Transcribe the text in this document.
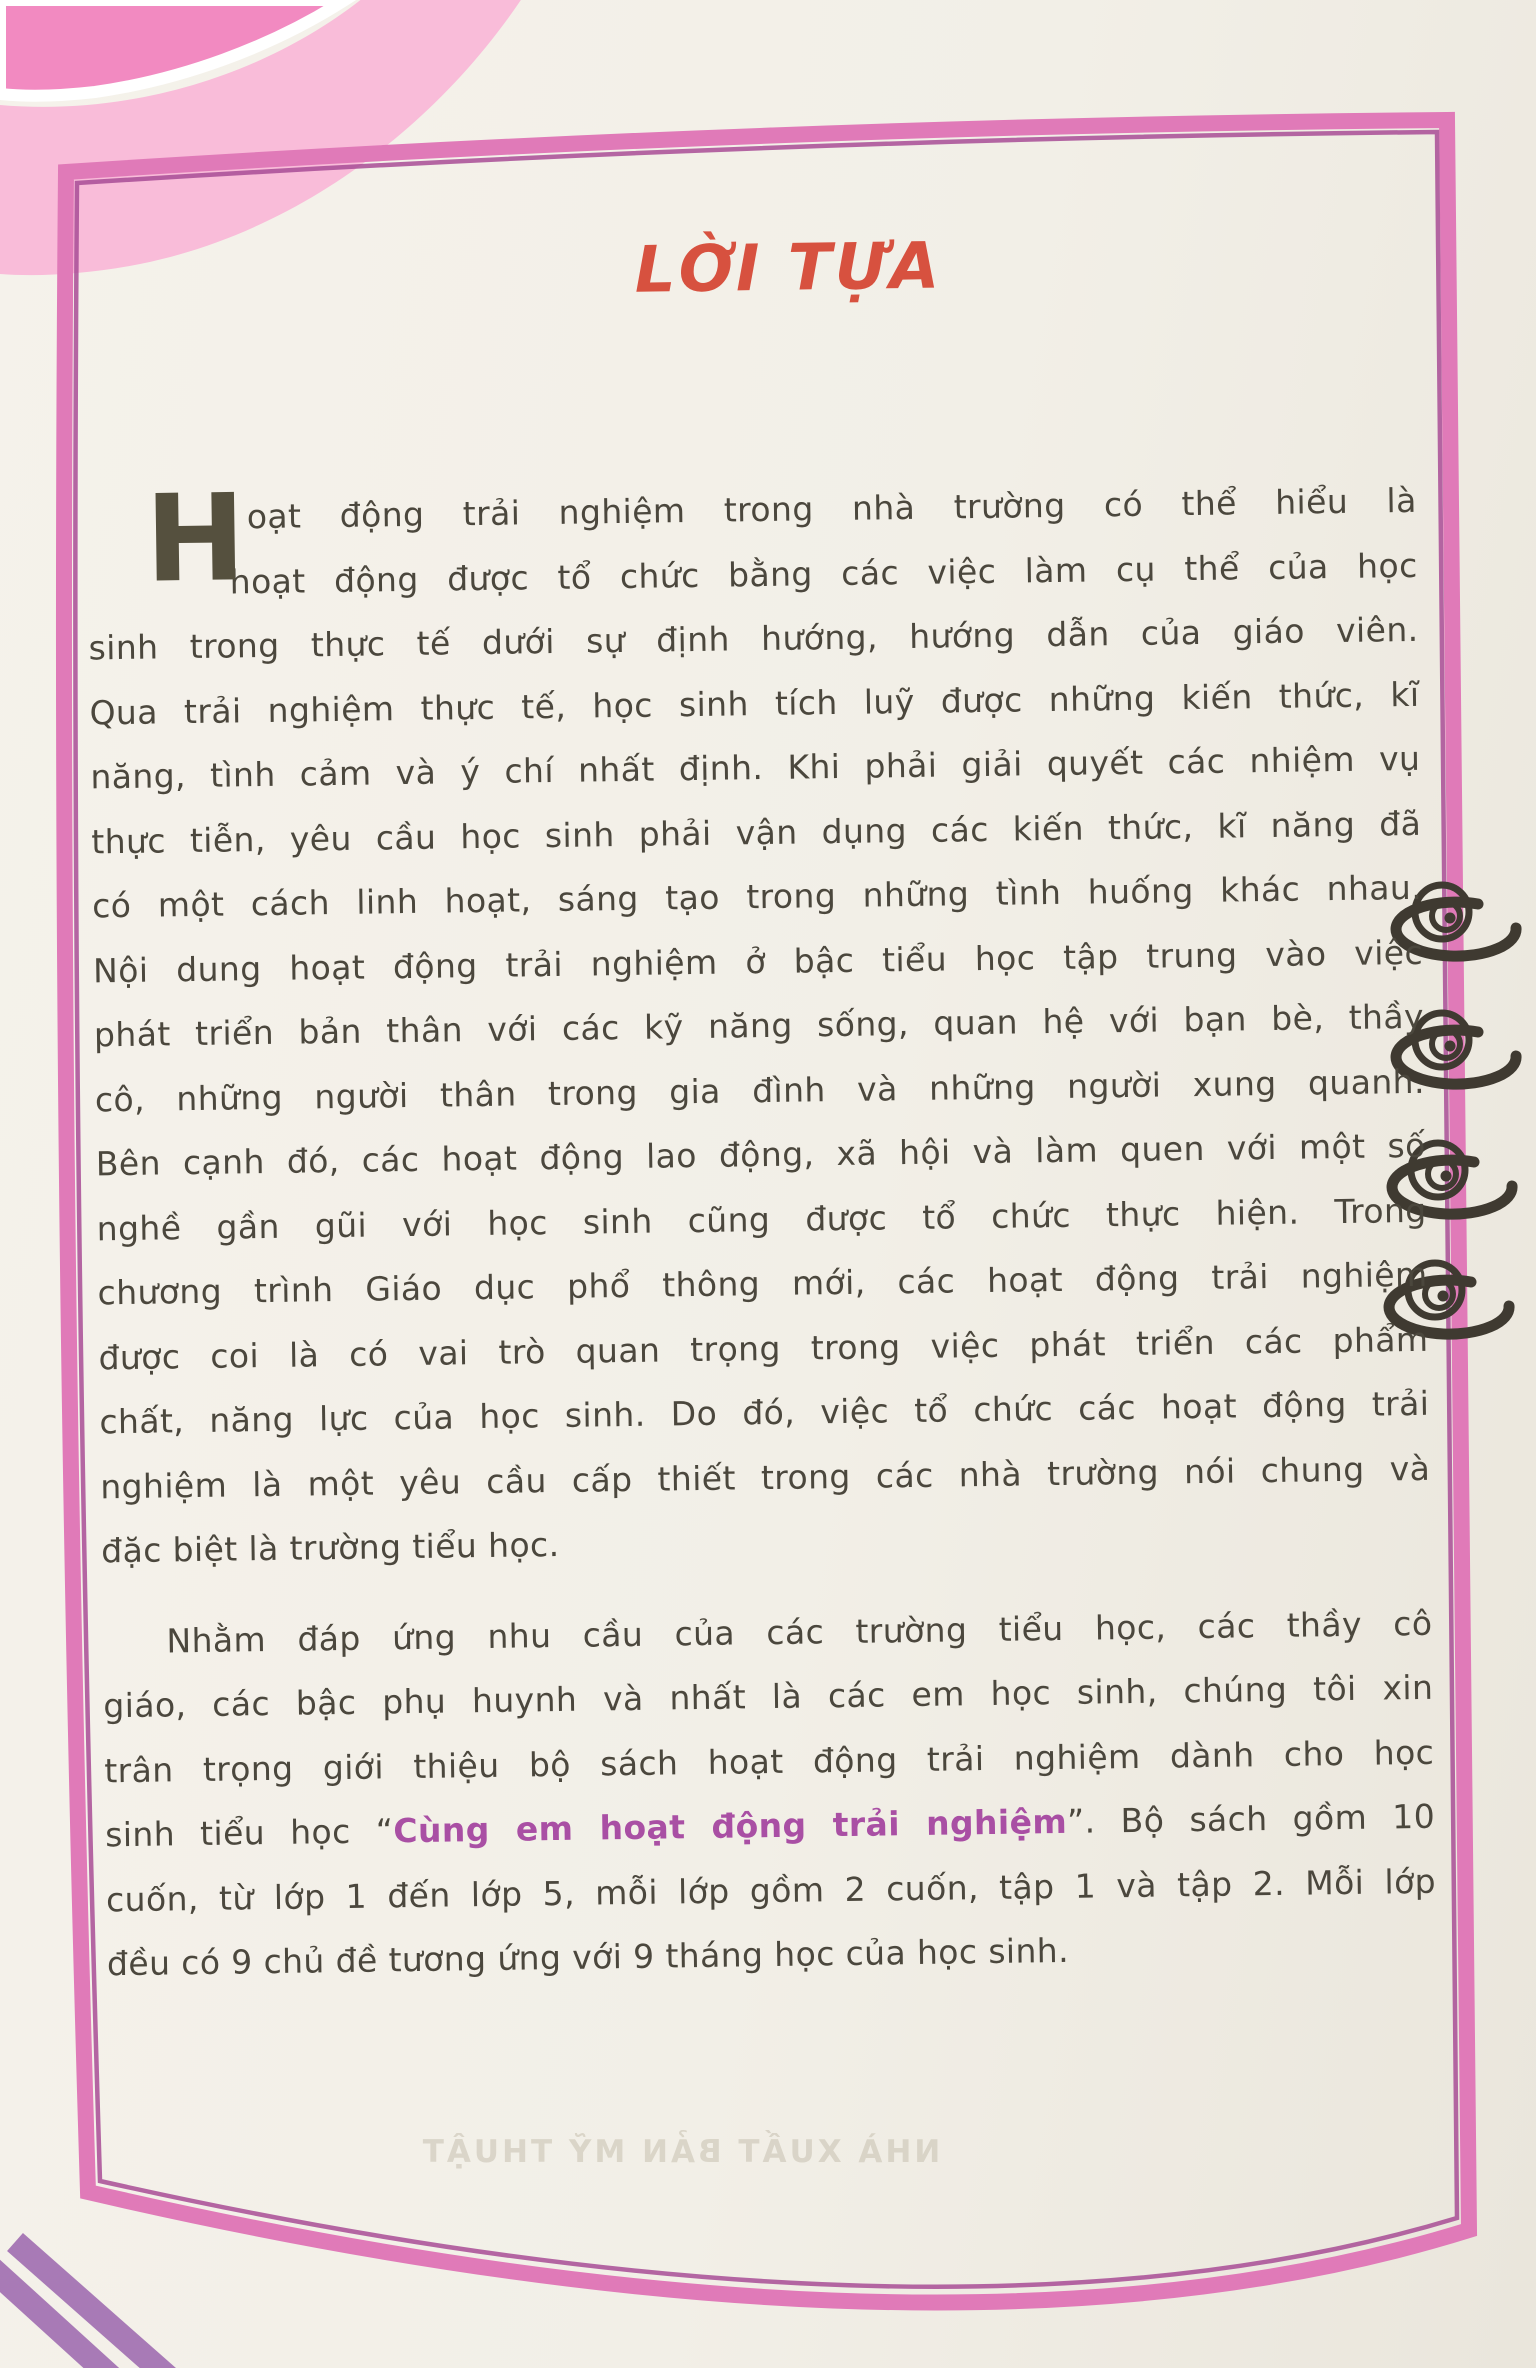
LỜI TỰA
H oạt động trải nghiệm trong nhà trường có thể hiểu là
hoạt động được tổ chức bằng các việc làm cụ thể của học
sinh trong thực tế dưới sự định hướng, hướng dẫn của giáo viên.
Qua trải nghiệm thực tế, học sinh tích luỹ được những kiến thức, kĩ
năng, tình cảm và ý chí nhất định. Khi phải giải quyết các nhiệm vụ
thực tiễn, yêu cầu học sinh phải vận dụng các kiến thức, kĩ năng đã
có một cách linh hoạt, sáng tạo trong những tình huống khác nhau.
Nội dung hoạt động trải nghiệm ở bậc tiểu học tập trung vào việc
phát triển bản thân với các kỹ năng sống, quan hệ với bạn bè, thầy
cô, những người thân trong gia đình và những người xung quanh.
Bên cạnh đó, các hoạt động lao động, xã hội và làm quen với một số
nghề gần gũi với học sinh cũng được tổ chức thực hiện. Trong
chương trình Giáo dục phổ thông mới, các hoạt động trải nghiệm
được coi là có vai trò quan trọng trong việc phát triển các phẩm
chất, năng lực của học sinh. Do đó, việc tổ chức các hoạt động trải
nghiệm là một yêu cầu cấp thiết trong các nhà trường nói chung và
đặc biệt là trường tiểu học.
Nhằm đáp ứng nhu cầu của các trường tiểu học, các thầy cô
giáo, các bậc phụ huynh và nhất là các em học sinh, chúng tôi xin
trân trọng giới thiệu bộ sách hoạt động trải nghiệm dành cho học
sinh tiểu học “Cùng em hoạt động trải nghiệm”. Bộ sách gồm 10
cuốn, từ lớp 1 đến lớp 5, mỗi lớp gồm 2 cuốn, tập 1 và tập 2. Mỗi lớp
đều có 9 chủ đề tương ứng với 9 tháng học của học sinh.
NHÀ XUẤT BẢN MỸ THUẬT
